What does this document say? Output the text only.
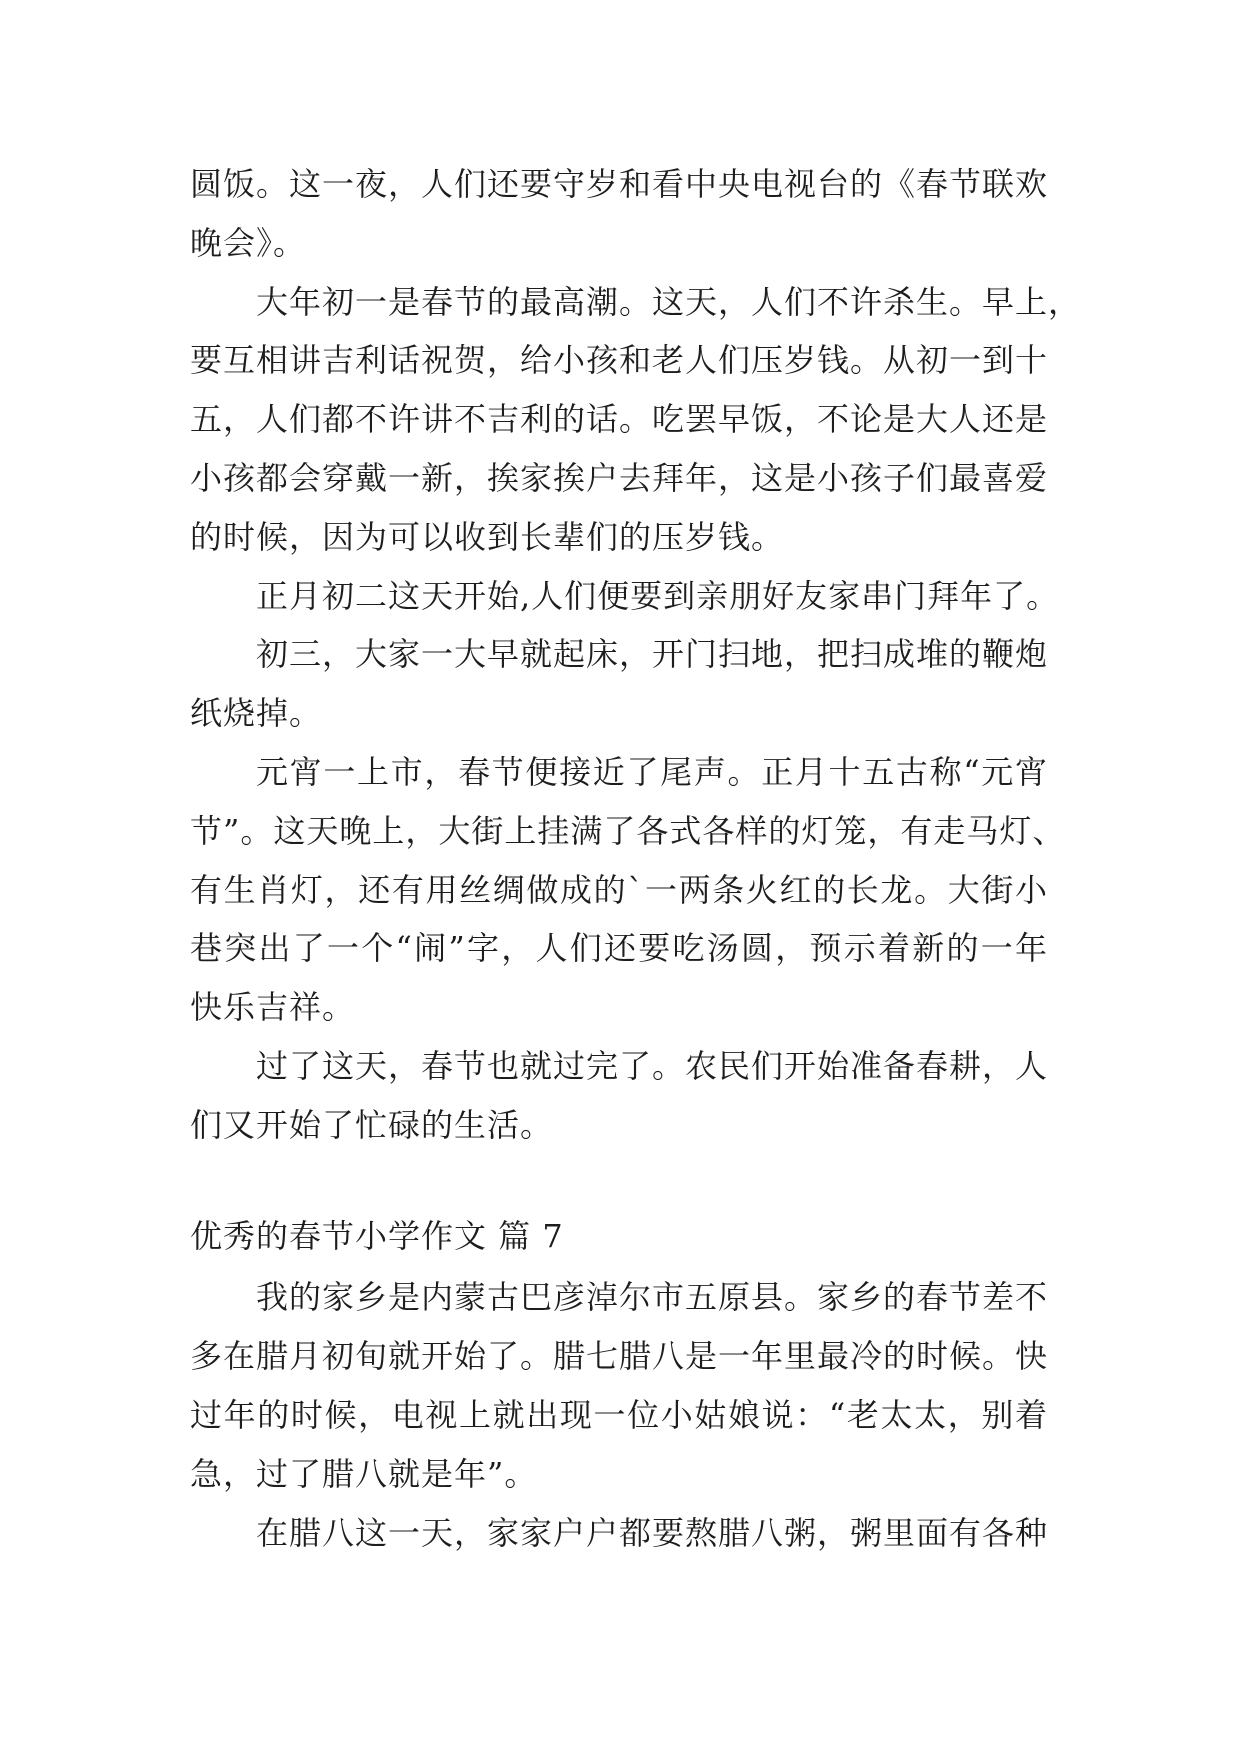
圆饭。这一夜，人们还要守岁和看中央电视台的《春节联欢
晚会》。
大年初一是春节的最高潮。这天，人们不许杀生。早上，
要互相讲吉利话祝贺，给小孩和老人们压岁钱。从初一到十
五，人们都不许讲不吉利的话。吃罢早饭，不论是大人还是
小孩都会穿戴一新，挨家挨户去拜年，这是小孩子们最喜爱
的时候，因为可以收到长辈们的压岁钱。
正月初二这天开始,人们便要到亲朋好友家串门拜年了。
初三，大家一大早就起床，开门扫地，把扫成堆的鞭炮
纸烧掉。
元宵一上市，春节便接近了尾声。正月十五古称“元宵
节”。这天晚上，大街上挂满了各式各样的灯笼，有走马灯、
有生肖灯，还有用丝绸做成的`一两条火红的长龙。大街小
巷突出了一个“闹”字，人们还要吃汤圆，预示着新的一年
快乐吉祥。
过了这天，春节也就过完了。农民们开始准备春耕，人
们又开始了忙碌的生活。
优秀的春节小学作文 篇 7
我的家乡是内蒙古巴彦淖尔市五原县。家乡的春节差不
多在腊月初旬就开始了。腊七腊八是一年里最冷的时候。快
过年的时候，电视上就出现一位小姑娘说：“老太太，别着
急，过了腊八就是年”。
在腊八这一天，家家户户都要熬腊八粥，粥里面有各种
